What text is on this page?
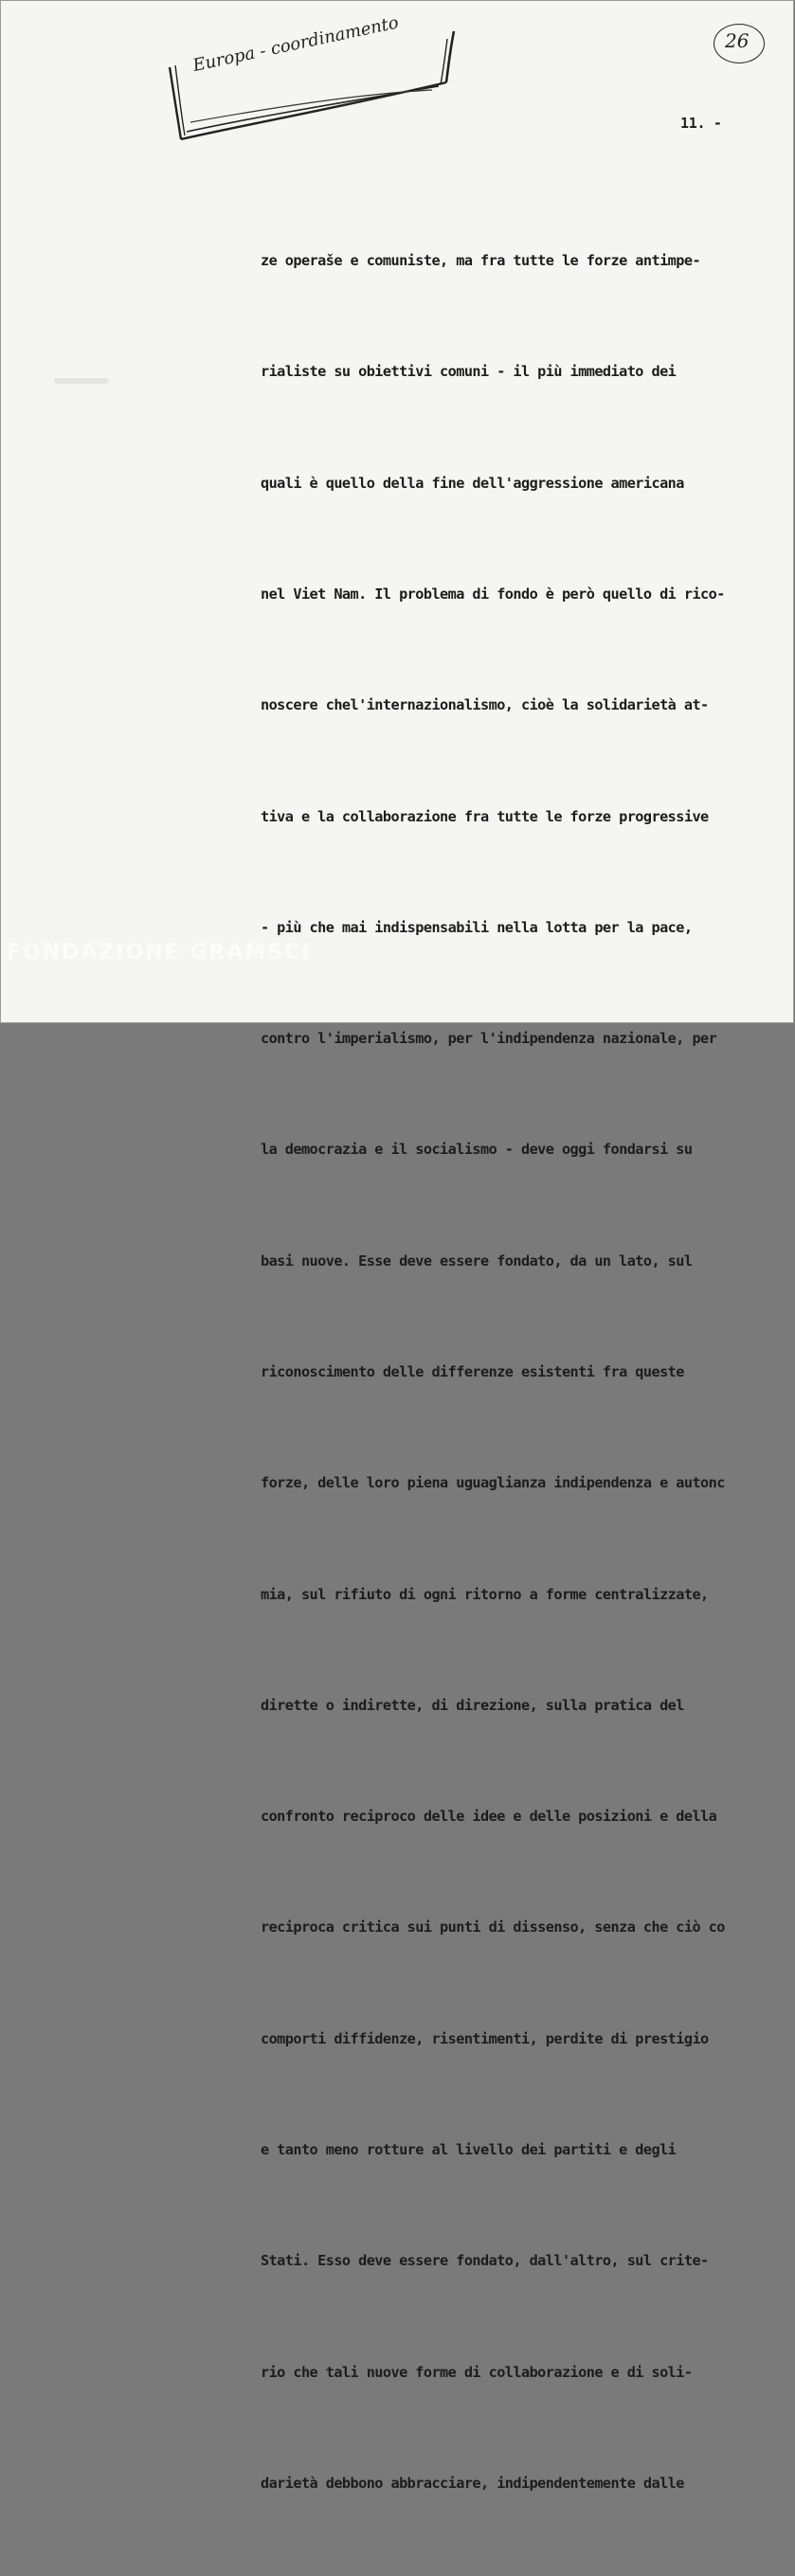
Europa - coordinamento	26
11. -

ze operaše e comuniste, ma fra tutte le forze antimpe-

rialiste su obiettivi comuni - il più immediato dei

quali è quello della fine dell'aggressione americana

nel Viet Nam. Il problema di fondo è però quello di rico-

noscere chel'internazionalismo, cioè la solidarietà at-

tiva e la collaborazione fra tutte le forze progressive

- più che mai indispensabili nella lotta per la pace,

contro l'imperialismo, per l'indipendenza nazionale, per

la democrazia e il socialismo - deve oggi fondarsi su

basi nuove. Esse deve essere fondato, da un lato, sul

riconoscimento delle differenze esistenti fra queste

forze, delle loro piena uguaglianza indipendenza e autonc

mia, sul rifiuto di ogni ritorno a forme centralizzate,

dirette o indirette, di direzione, sulla pratica del

confronto reciproco delle idee e delle posizioni e della

reciproca critica sui punti di dissenso, senza che ciò co

comporti diffidenze, risentimenti, perdite di prestigio

e tanto meno rotture al livello dei partiti e degli

Stati. Esso deve essere fondato, dall'altro, sul crite-

rio che tali nuove forme di collaborazione e di soli-

darietà debbono abbracciare, indipendentemente dalle

FONDAZIONE GRAMSCI
